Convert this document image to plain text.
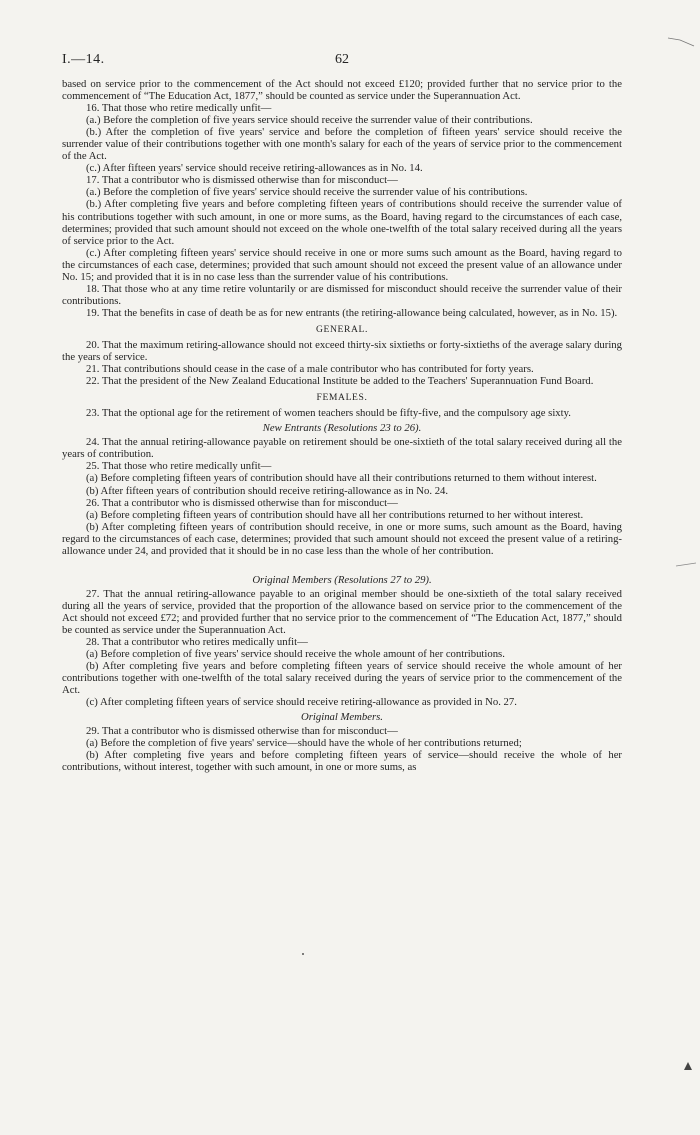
I.—14.	62

based on service prior to the commencement of the Act should not exceed £120; provided further that no service prior to the commencement of “The Education Act, 1877,” should be counted as service under the Superannuation Act.

16. That those who retire medically unfit—

(a.) Before the completion of five years service should receive the surrender value of their contributions.

(b.) After the completion of five years' service and before the completion of fifteen years' service should receive the surrender value of their contributions together with one month's salary for each of the years of service prior to the commencement of the Act.

(c.) After fifteen years' service should receive retiring-allowances as in No. 14.

17. That a contributor who is dismissed otherwise than for misconduct—

(a.) Before the completion of five years' service should receive the surrender value of his contributions.

(b.) After completing five years and before completing fifteen years of contributions should receive the surrender value of his contributions together with such amount, in one or more sums, as the Board, having regard to the circumstances of each case, determines; provided that such amount should not exceed on the whole one-twelfth of the total salary received during all the years of service prior to the Act.

(c.) After completing fifteen years' service should receive in one or more sums such amount as the Board, having regard to the circumstances of each case, determines; provided that such amount should not exceed the present value of an allowance under No. 15; and provided that it is in no case less than the surrender value of his contributions.

18. That those who at any time retire voluntarily or are dismissed for misconduct should receive the surrender value of their contributions.

19. That the benefits in case of death be as for new entrants (the retiring-allowance being calculated, however, as in No. 15).

GENERAL.

20. That the maximum retiring-allowance should not exceed thirty-six sixtieths or forty-sixtieths of the average salary during the years of service.

21. That contributions should cease in the case of a male contributor who has contributed for forty years.

22. That the president of the New Zealand Educational Institute be added to the Teachers' Superannuation Fund Board.

FEMALES.

23. That the optional age for the retirement of women teachers should be fifty-five, and the compulsory age sixty.

New Entrants (Resolutions 23 to 26).

24. That the annual retiring-allowance payable on retirement should be one-sixtieth of the total salary received during all the years of contribution.

25. That those who retire medically unfit—

(a) Before completing fifteen years of contribution should have all their contributions returned to them without interest.

(b) After fifteen years of contribution should receive retiring-allowance as in No. 24.

26. That a contributor who is dismissed otherwise than for misconduct—

(a) Before completing fifteen years of contribution should have all her contributions returned to her without interest.

(b) After completing fifteen years of contribution should receive, in one or more sums, such amount as the Board, having regard to the circumstances of each case, determines; provided that such amount should not exceed the present value of a retiring-allowance under 24, and provided that it should be in no case less than the whole of her contribution.

Original Members (Resolutions 27 to 29).

27. That the annual retiring-allowance payable to an original member should be one-sixtieth of the total salary received during all the years of service, provided that the proportion of the allowance based on service prior to the commencement of the Act should not exceed £72; and provided further that no service prior to the commencement of “The Education Act, 1877,” should be counted as service under the Superannuation Act.

28. That a contributor who retires medically unfit—

(a) Before completion of five years' service should receive the whole amount of her contributions.

(b) After completing five years and before completing fifteen years of service should receive the whole amount of her contributions together with one-twelfth of the total salary received during the years of service prior to the commencement of the Act.

(c) After completing fifteen years of service should receive retiring-allowance as provided in No. 27.

Original Members.

29. That a contributor who is dismissed otherwise than for misconduct—

(a) Before the completion of five years' service—should have the whole of her contributions returned;

(b) After completing five years and before completing fifteen years of service—should receive the whole of her contributions, without interest, together with such amount, in one or more sums, as
